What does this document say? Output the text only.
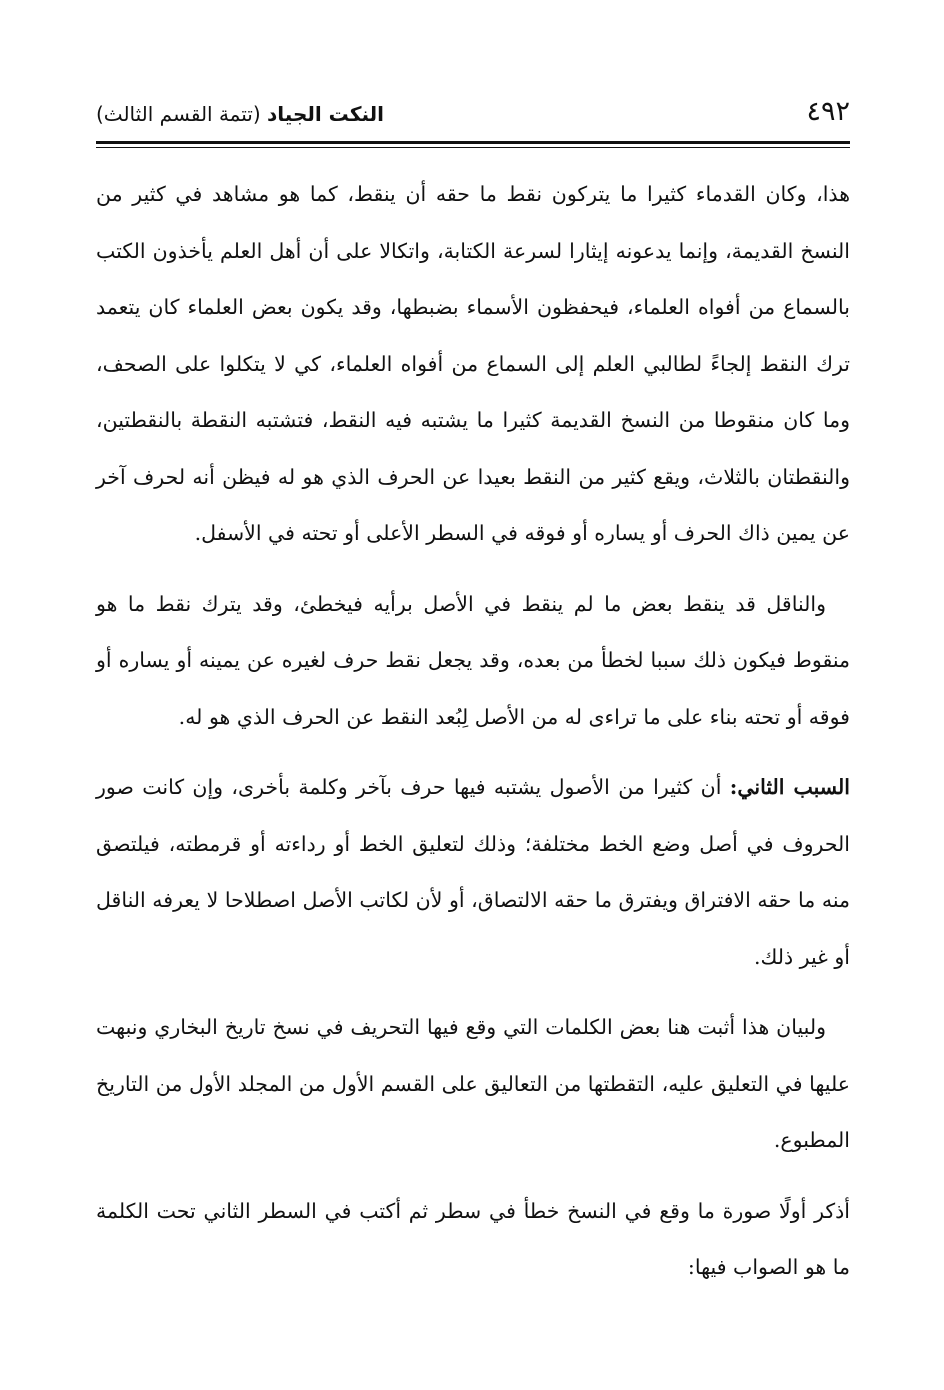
٤٩٢
النكت الجياد (تتمة القسم الثالث)

هذا، وكان القدماء كثيرا ما يتركون نقط ما حقه أن ينقط، كما هو مشاهد في كثير من النسخ القديمة، وإنما يدعونه إيثارا لسرعة الكتابة، واتكالا على أن أهل العلم يأخذون الكتب بالسماع من أفواه العلماء، فيحفظون الأسماء بضبطها، وقد يكون بعض العلماء كان يتعمد ترك النقط إلجاءً لطالبي العلم إلى السماع من أفواه العلماء، كي لا يتكلوا على الصحف، وما كان منقوطا من النسخ القديمة كثيرا ما يشتبه فيه النقط، فتشتبه النقطة بالنقطتين، والنقطتان بالثلاث، ويقع كثير من النقط بعيدا عن الحرف الذي هو له فيظن أنه لحرف آخر عن يمين ذاك الحرف أو يساره أو فوقه في السطر الأعلى أو تحته في الأسفل.

والناقل قد ينقط بعض ما لم ينقط في الأصل برأيه فيخطئ، وقد يترك نقط ما هو منقوط فيكون ذلك سببا لخطأ من بعده، وقد يجعل نقط حرف لغيره عن يمينه أو يساره أو فوقه أو تحته بناء على ما تراءى له من الأصل لِبُعد النقط عن الحرف الذي هو له.

السبب الثاني: أن كثيرا من الأصول يشتبه فيها حرف بآخر وكلمة بأخرى، وإن كانت صور الحروف في أصل وضع الخط مختلفة؛ وذلك لتعليق الخط أو رداءته أو قرمطته، فيلتصق منه ما حقه الافتراق ويفترق ما حقه الالتصاق، أو لأن لكاتب الأصل اصطلاحا لا يعرفه الناقل أو غير ذلك.

ولبيان هذا أثبت هنا بعض الكلمات التي وقع فيها التحريف في نسخ تاريخ البخاري ونبهت عليها في التعليق عليه، التقطتها من التعاليق على القسم الأول من المجلد الأول من التاريخ المطبوع.

أذكر أولًا صورة ما وقع في النسخ خطأ في سطر ثم أكتب في السطر الثاني تحت الكلمة ما هو الصواب فيها:
